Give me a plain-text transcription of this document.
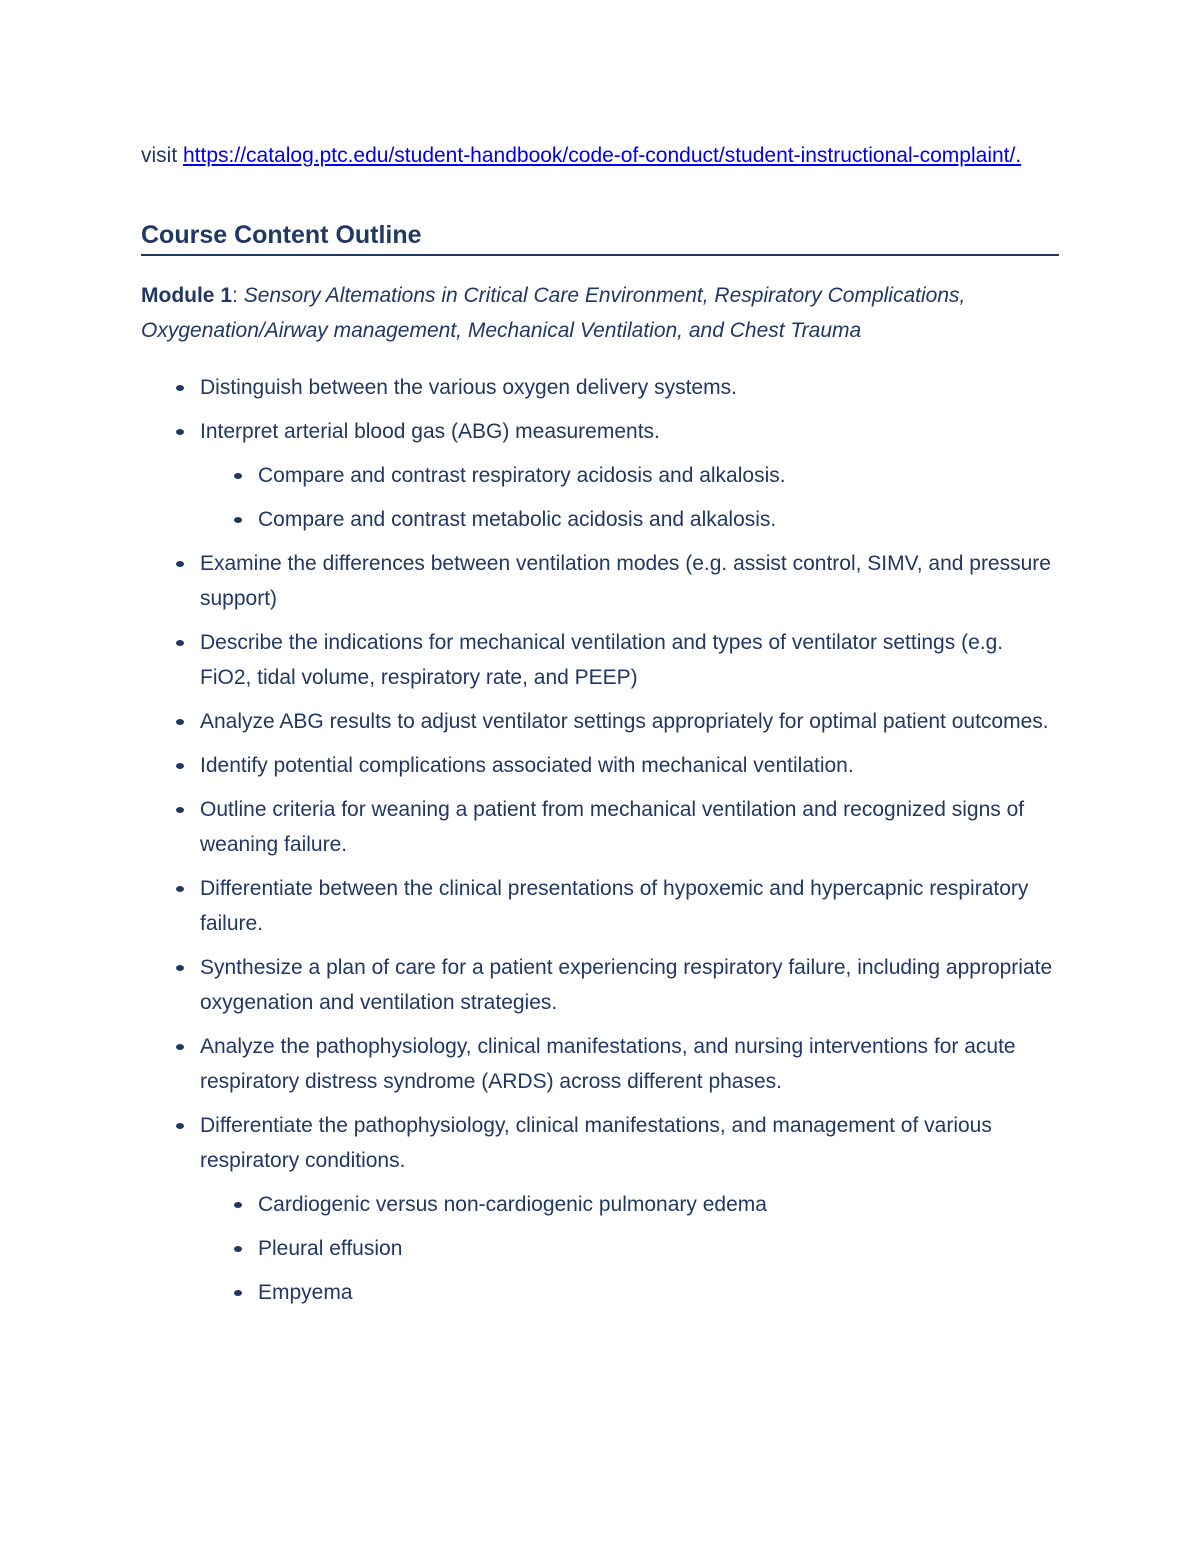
visit https://catalog.ptc.edu/student-handbook/code-of-conduct/student-instructional-complaint/.

Course Content Outline
Module 1: Sensory Altemations in Critical Care Environment, Respiratory Complications, Oxygenation/Airway management, Mechanical Ventilation, and Chest Trauma
Distinguish between the various oxygen delivery systems.
Interpret arterial blood gas (ABG) measurements.
Compare and contrast respiratory acidosis and alkalosis.
Compare and contrast metabolic acidosis and alkalosis.
Examine the differences between ventilation modes (e.g. assist control, SIMV, and pressure support)
Describe the indications for mechanical ventilation and types of ventilator settings (e.g. FiO2, tidal volume, respiratory rate, and PEEP)
Analyze ABG results to adjust ventilator settings appropriately for optimal patient outcomes.
Identify potential complications associated with mechanical ventilation.
Outline criteria for weaning a patient from mechanical ventilation and recognized signs of weaning failure.
Differentiate between the clinical presentations of hypoxemic and hypercapnic respiratory failure.
Synthesize a plan of care for a patient experiencing respiratory failure, including appropriate oxygenation and ventilation strategies.
Analyze the pathophysiology, clinical manifestations, and nursing interventions for acute respiratory distress syndrome (ARDS) across different phases.
Differentiate the pathophysiology, clinical manifestations, and management of various respiratory conditions.
Cardiogenic versus non-cardiogenic pulmonary edema
Pleural effusion
Empyema
